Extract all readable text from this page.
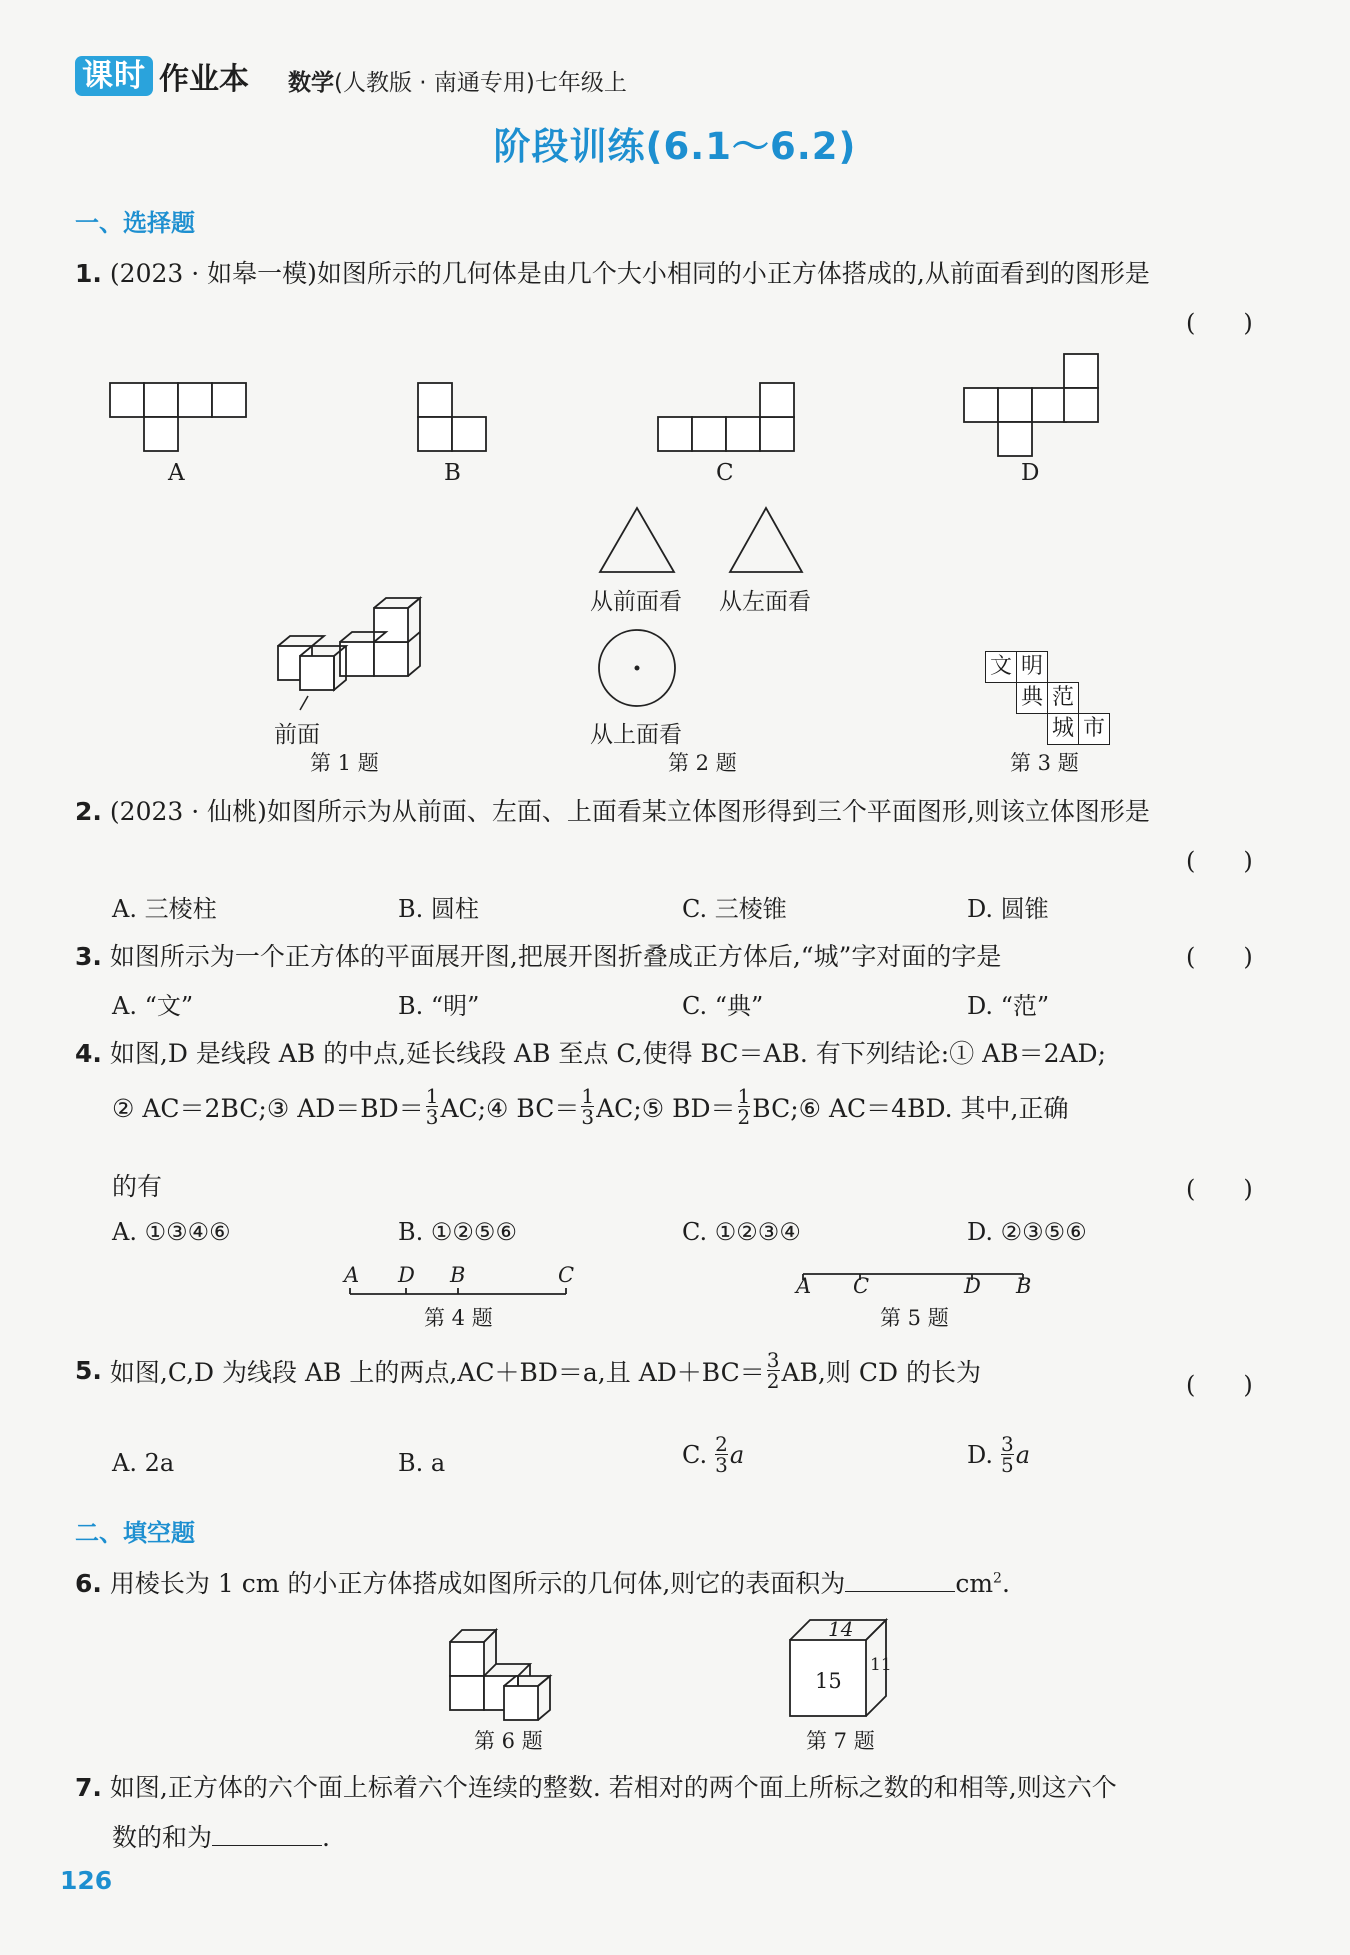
课时 作业本 数学(人教版 · 南通专用)七年级上
阶段训练(6.1～6.2)
一、选择题
1. (2023 · 如皋一模)如图所示的几何体是由几个大小相同的小正方体搭成的,从前面看到的图形是
(　　)
A	B	C	D
前面
第 1 题
从前面看 从左面看
从上面看
第 2 题
文 明
典 范
城 市
第 3 题
2. (2023 · 仙桃)如图所示为从前面、左面、上面看某立体图形得到三个平面图形,则该立体图形是
(　　)
A. 三棱柱	B. 圆柱	C. 三棱锥	D. 圆锥
3. 如图所示为一个正方体的平面展开图,把展开图折叠成正方体后,“城”字对面的字是	(　　)
A. “文”	B. “明”	C. “典”	D. “范”
4. 如图,D 是线段 AB 的中点,延长线段 AB 至点 C,使得 BC＝AB. 有下列结论:① AB＝2AD;
② AC＝2BC;③ $AD=BD= \frac{1}{3}$ AC;④ $BC= \frac{1}{3}$ AC;⑤ $BD= \frac{1}{2}$ BC;⑥ AC＝4BD. 其中,正确
的有	(　　)
A. ①③④⑥	B. ①②⑤⑥	C. ①②③④	D. ②③⑤⑥
A D B	C
第 4 题
A C	D B
第 5 题
5. 如图,C,D 为线段 AB 上的两点,AC＋BD＝a,且 $AD+BC= \frac{3}{2}$ AB,则 CD 的长为	(　　)
A. 2a	B. a	C. $\frac{2}{3}$ a	D. $\frac{3}{5}$ a
二、填空题
6. 用棱长为 1 cm 的小正方体搭成如图所示的几何体,则它的表面积为	$cm^2$.
第 6 题
14
15
11
第 7 题
7. 如图,正方体的六个面上标着六个连续的整数. 若相对的两个面上所标之数的和相等,则这六个
数的和为	.
126
